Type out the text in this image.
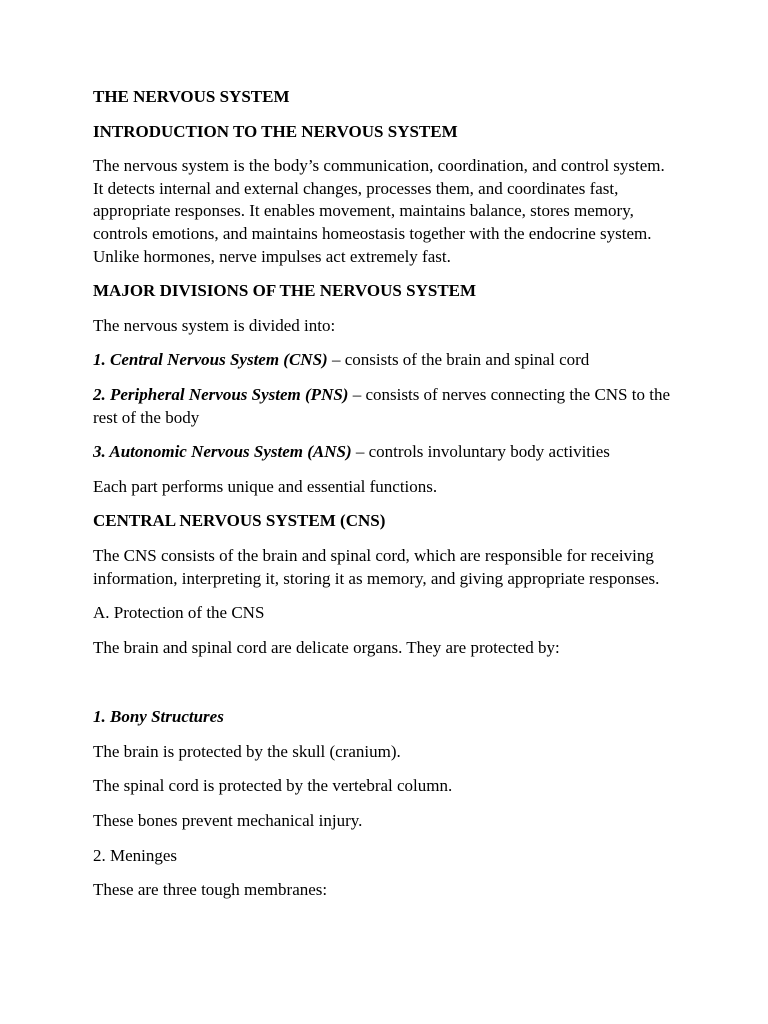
THE NERVOUS SYSTEM

INTRODUCTION TO THE NERVOUS SYSTEM

The nervous system is the body’s communication, coordination, and control system. It detects internal and external changes, processes them, and coordinates fast, appropriate responses. It enables movement, maintains balance, stores memory, controls emotions, and maintains homeostasis together with the endocrine system. Unlike hormones, nerve impulses act extremely fast.

MAJOR DIVISIONS OF THE NERVOUS SYSTEM

The nervous system is divided into:

1. Central Nervous System (CNS) – consists of the brain and spinal cord

2. Peripheral Nervous System (PNS) – consists of nerves connecting the CNS to the rest of the body

3. Autonomic Nervous System (ANS) – controls involuntary body activities

Each part performs unique and essential functions.

CENTRAL NERVOUS SYSTEM (CNS)

The CNS consists of the brain and spinal cord, which are responsible for receiving information, interpreting it, storing it as memory, and giving appropriate responses.

A. Protection of the CNS

The brain and spinal cord are delicate organs. They are protected by:

1. Bony Structures

The brain is protected by the skull (cranium).

The spinal cord is protected by the vertebral column.

These bones prevent mechanical injury.

2. Meninges

These are three tough membranes:
